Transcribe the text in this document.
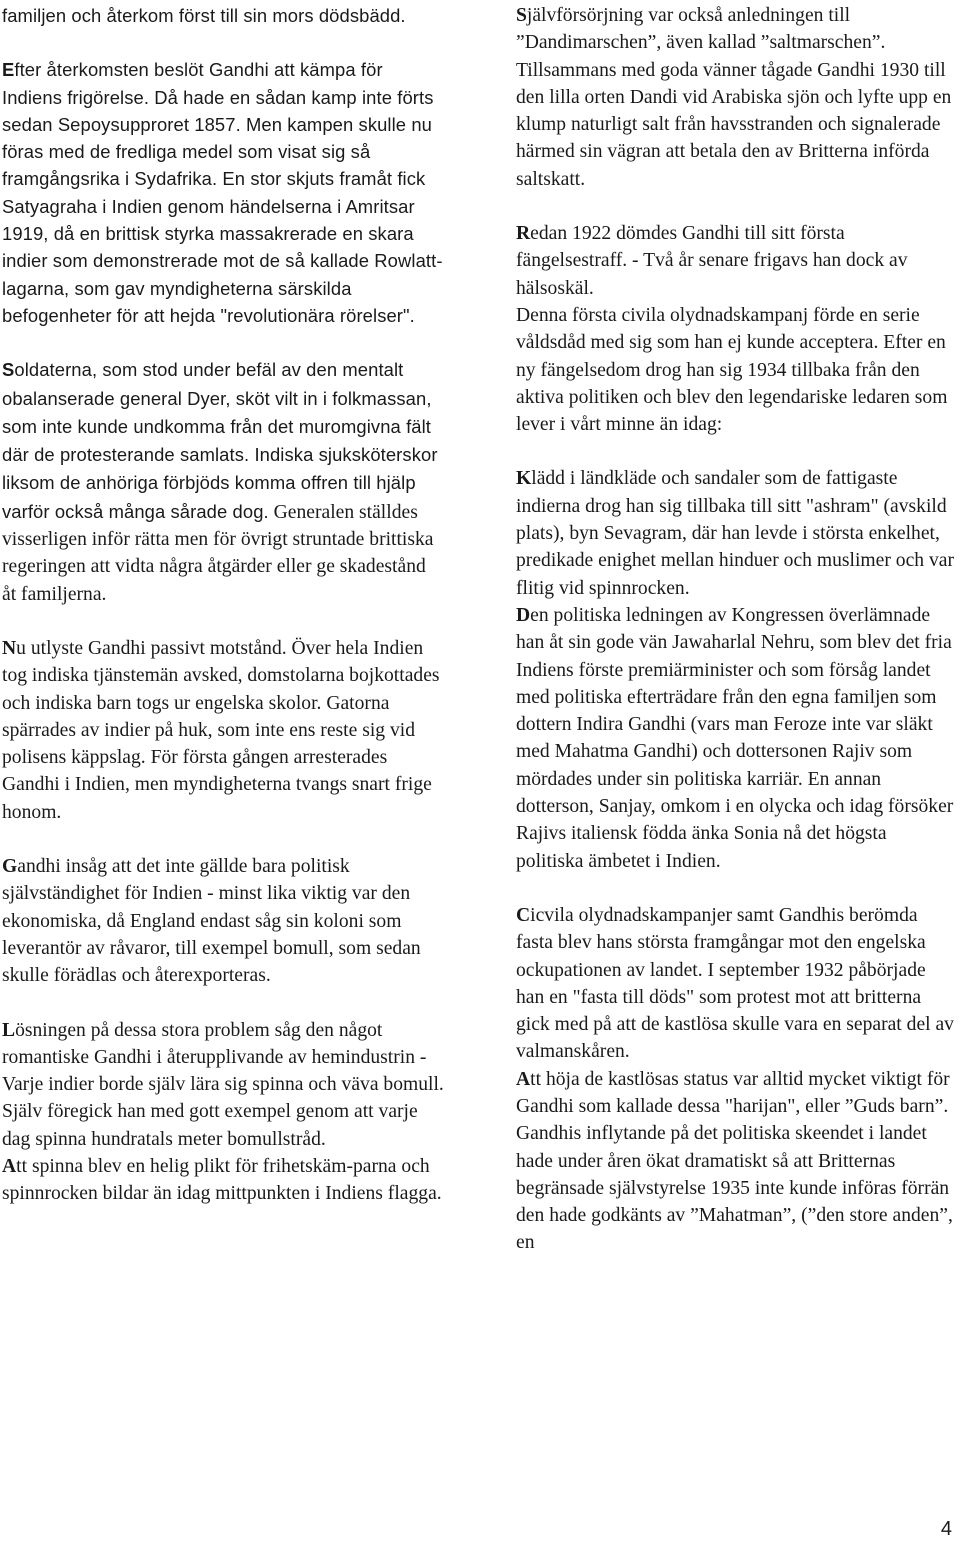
familjen och återkom först till sin mors dödsbädd.

Efter återkomsten beslöt Gandhi att kämpa för Indiens frigörelse. Då hade en sådan kamp inte förts sedan Sepoysupproret 1857. Men kampen skulle nu föras med de fredliga medel som visat sig så framgångsrika i Sydafrika. En stor skjuts framåt fick Satyagraha i Indien genom händelserna i Amritsar 1919, då en brittisk styrka massakrerade en skara indier som demonstrerade mot de så kallade Rowlatt-lagarna, som gav myndigheterna särskilda befogenheter för att hejda "revolutionära rörelser".

Soldaterna, som stod under befäl av den mentalt obalanserade general Dyer, sköt vilt in i folkmassan, som inte kunde undkomma från det muromgivna fält där de protesterande samlats. Indiska sjuksköterskor liksom de anhöriga förbjöds komma offren till hjälp varför också många sårade dog. Generalen ställdes visserligen inför rätta men för övrigt struntade brittiska regeringen att vidta några åtgärder eller ge skadestånd åt familjerna.

Nu utlyste Gandhi passivt motstånd. Över hela Indien tog indiska tjänstemän avsked, domstolarna bojkottades och indiska barn togs ur engelska skolor. Gatorna spärrades av indier på huk, som inte ens reste sig vid polisens käppslag. För första gången arresterades Gandhi i Indien, men myndigheterna tvangs snart frige honom.

Gandhi insåg att det inte gällde bara politisk självständighet för Indien - minst lika viktig var den ekonomiska, då England endast såg sin koloni som leverantör av råvaror, till exempel bomull, som sedan skulle förädlas och återexporteras.

Lösningen på dessa stora problem såg den något romantiske Gandhi i återupplivande av hemindustrin - Varje indier borde själv lära sig spinna och väva bomull. Själv föregick han med gott exempel genom att varje dag spinna hundratals meter bomullstråd.

Att spinna blev en helig plikt för frihetskäm-parna och spinnrocken bildar än idag mittpunkten i Indiens flagga.

Självförsörjning var också anledningen till ”Dandimarschen”, även kallad ”saltmarschen”. Tillsammans med goda vänner tågade Gandhi 1930 till den lilla orten Dandi vid Arabiska sjön och lyfte upp en klump naturligt salt från havsstranden och signalerade härmed sin vägran att betala den av Britterna införda saltskatt.

Redan 1922 dömdes Gandhi till sitt första fängelsestraff. - Två år senare frigavs han dock av hälsoskäl.

Denna första civila olydnadskampanj förde en serie våldsdåd med sig som han ej kunde acceptera. Efter en ny fängelsedom drog han sig 1934 tillbaka från den aktiva politiken och blev den legendariske ledaren som lever i vårt minne än idag:

Klädd i ländkläde och sandaler som de fattigaste indierna drog han sig tillbaka till sitt "ashram" (avskild plats), byn Sevagram, där han levde i största enkelhet, predikade enighet mellan hinduer och muslimer och var flitig vid spinnrocken.

Den politiska ledningen av Kongressen överlämnade han åt sin gode vän Jawaharlal Nehru, som blev det fria Indiens förste premiärminister och som försåg landet med politiska efterträdare från den egna familjen som dottern Indira Gandhi (vars man Feroze inte var släkt med Mahatma Gandhi) och dottersonen Rajiv som mördades under sin politiska karriär. En annan dotterson, Sanjay, omkom i en olycka och idag försöker Rajivs italiensk födda änka Sonia nå det högsta politiska ämbetet i Indien.

Cicvila olydnadskampanjer samt Gandhis berömda fasta blev hans största framgångar mot den engelska ockupationen av landet. I september 1932 påbörjade han en "fasta till döds" som protest mot att britterna gick med på att de kastlösa skulle vara en separat del av valmanskåren.

Att höja de kastlösas status var alltid mycket viktigt för Gandhi som kallade dessa "harijan", eller ”Guds barn”.

Gandhis inflytande på det politiska skeendet i landet hade under åren ökat dramatiskt så att Britternas begränsade självstyrelse 1935 inte kunde införas förrän den hade godkänts av ”Mahatman”, (”den store anden”, en

4
